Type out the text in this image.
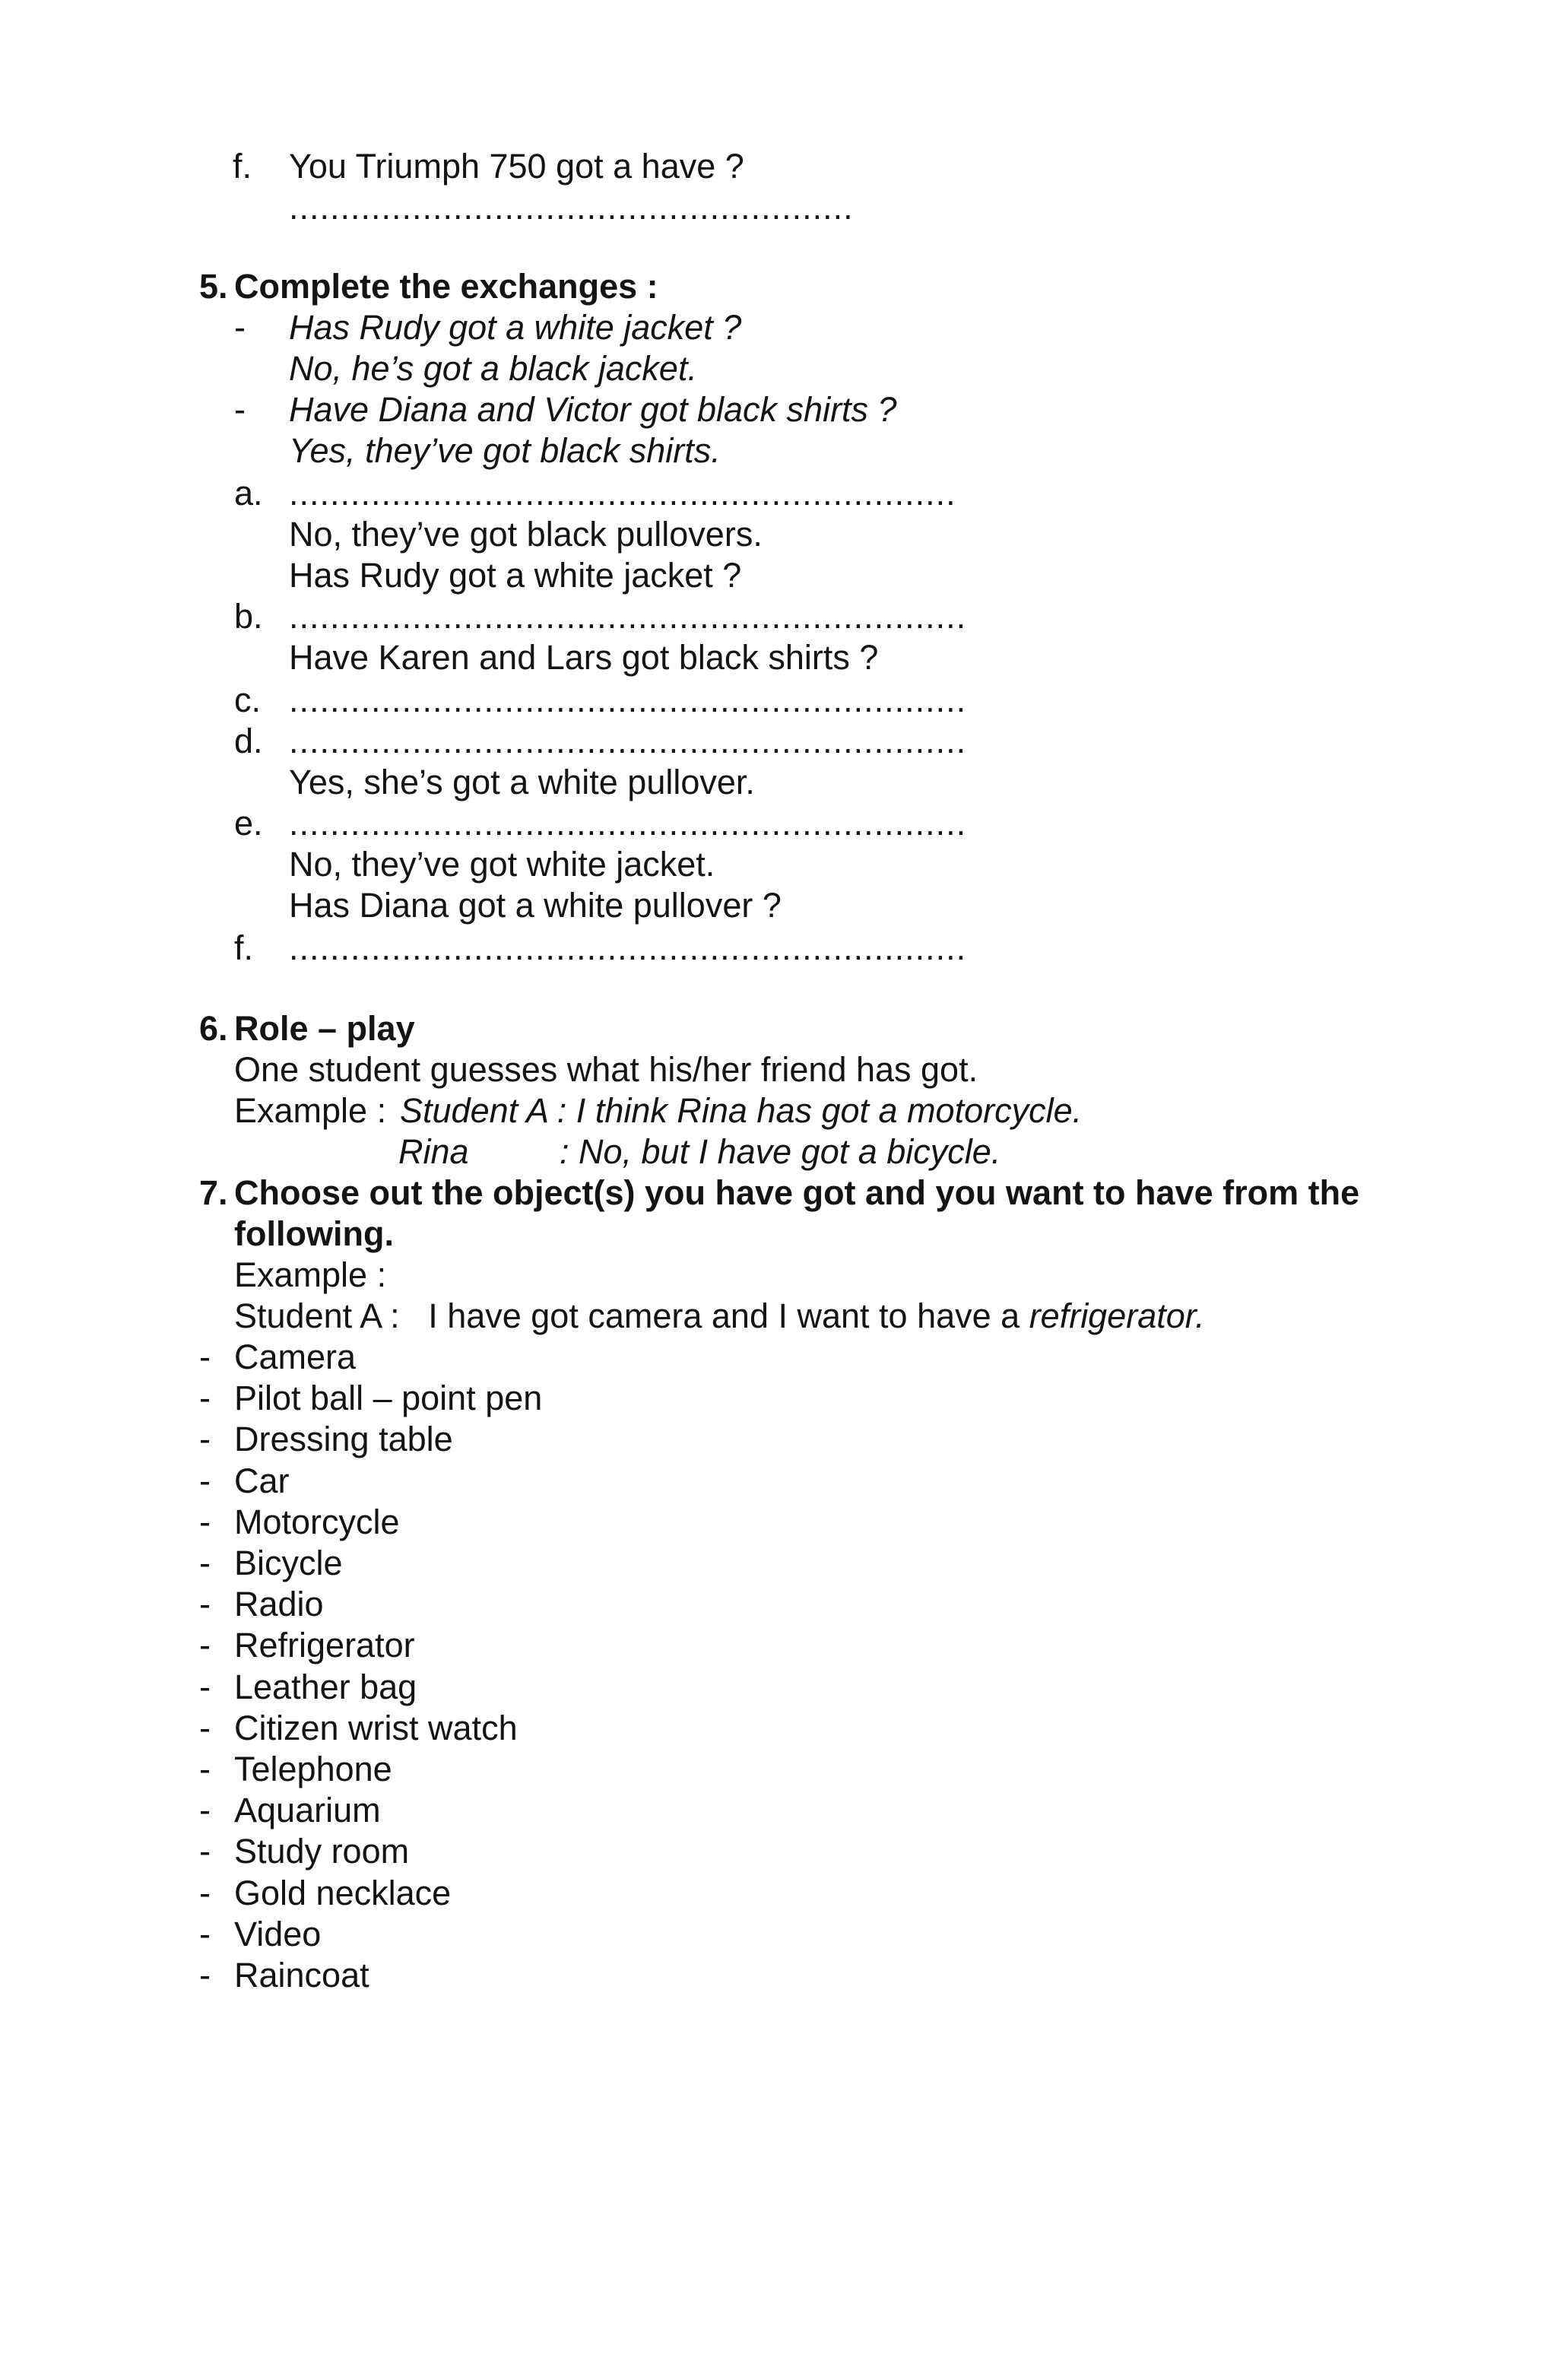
f. You Triumph 750 got a have ?
.......................................................
5. Complete the exchanges :
- Has Rudy got a white jacket ?
No, he’s got a black jacket.
- Have Diana and Victor got black shirts ?
Yes, they’ve got black shirts.
a. .................................................................
No, they’ve got black pullovers.
Has Rudy got a white jacket ?
b. ..................................................................
Have Karen and Lars got black shirts ?
c. ..................................................................
d. ..................................................................
Yes, she’s got a white pullover.
e. ..................................................................
No, they’ve got white jacket.
Has Diana got a white pullover ?
f. ..................................................................
6. Role – play
One student guesses what his/her friend has got.
Example : Student A : I think Rina has got a motorcycle.
Rina	: No, but I have got a bicycle.
7. Choose out the object(s) you have got and you want to have from the
following.
Example :
Student A :   I have got camera and I want to have a refrigerator.
- Camera
- Pilot ball – point pen
- Dressing table
- Car
- Motorcycle
- Bicycle
- Radio
- Refrigerator
- Leather bag
- Citizen wrist watch
- Telephone
- Aquarium
- Study room
- Gold necklace
- Video
- Raincoat
